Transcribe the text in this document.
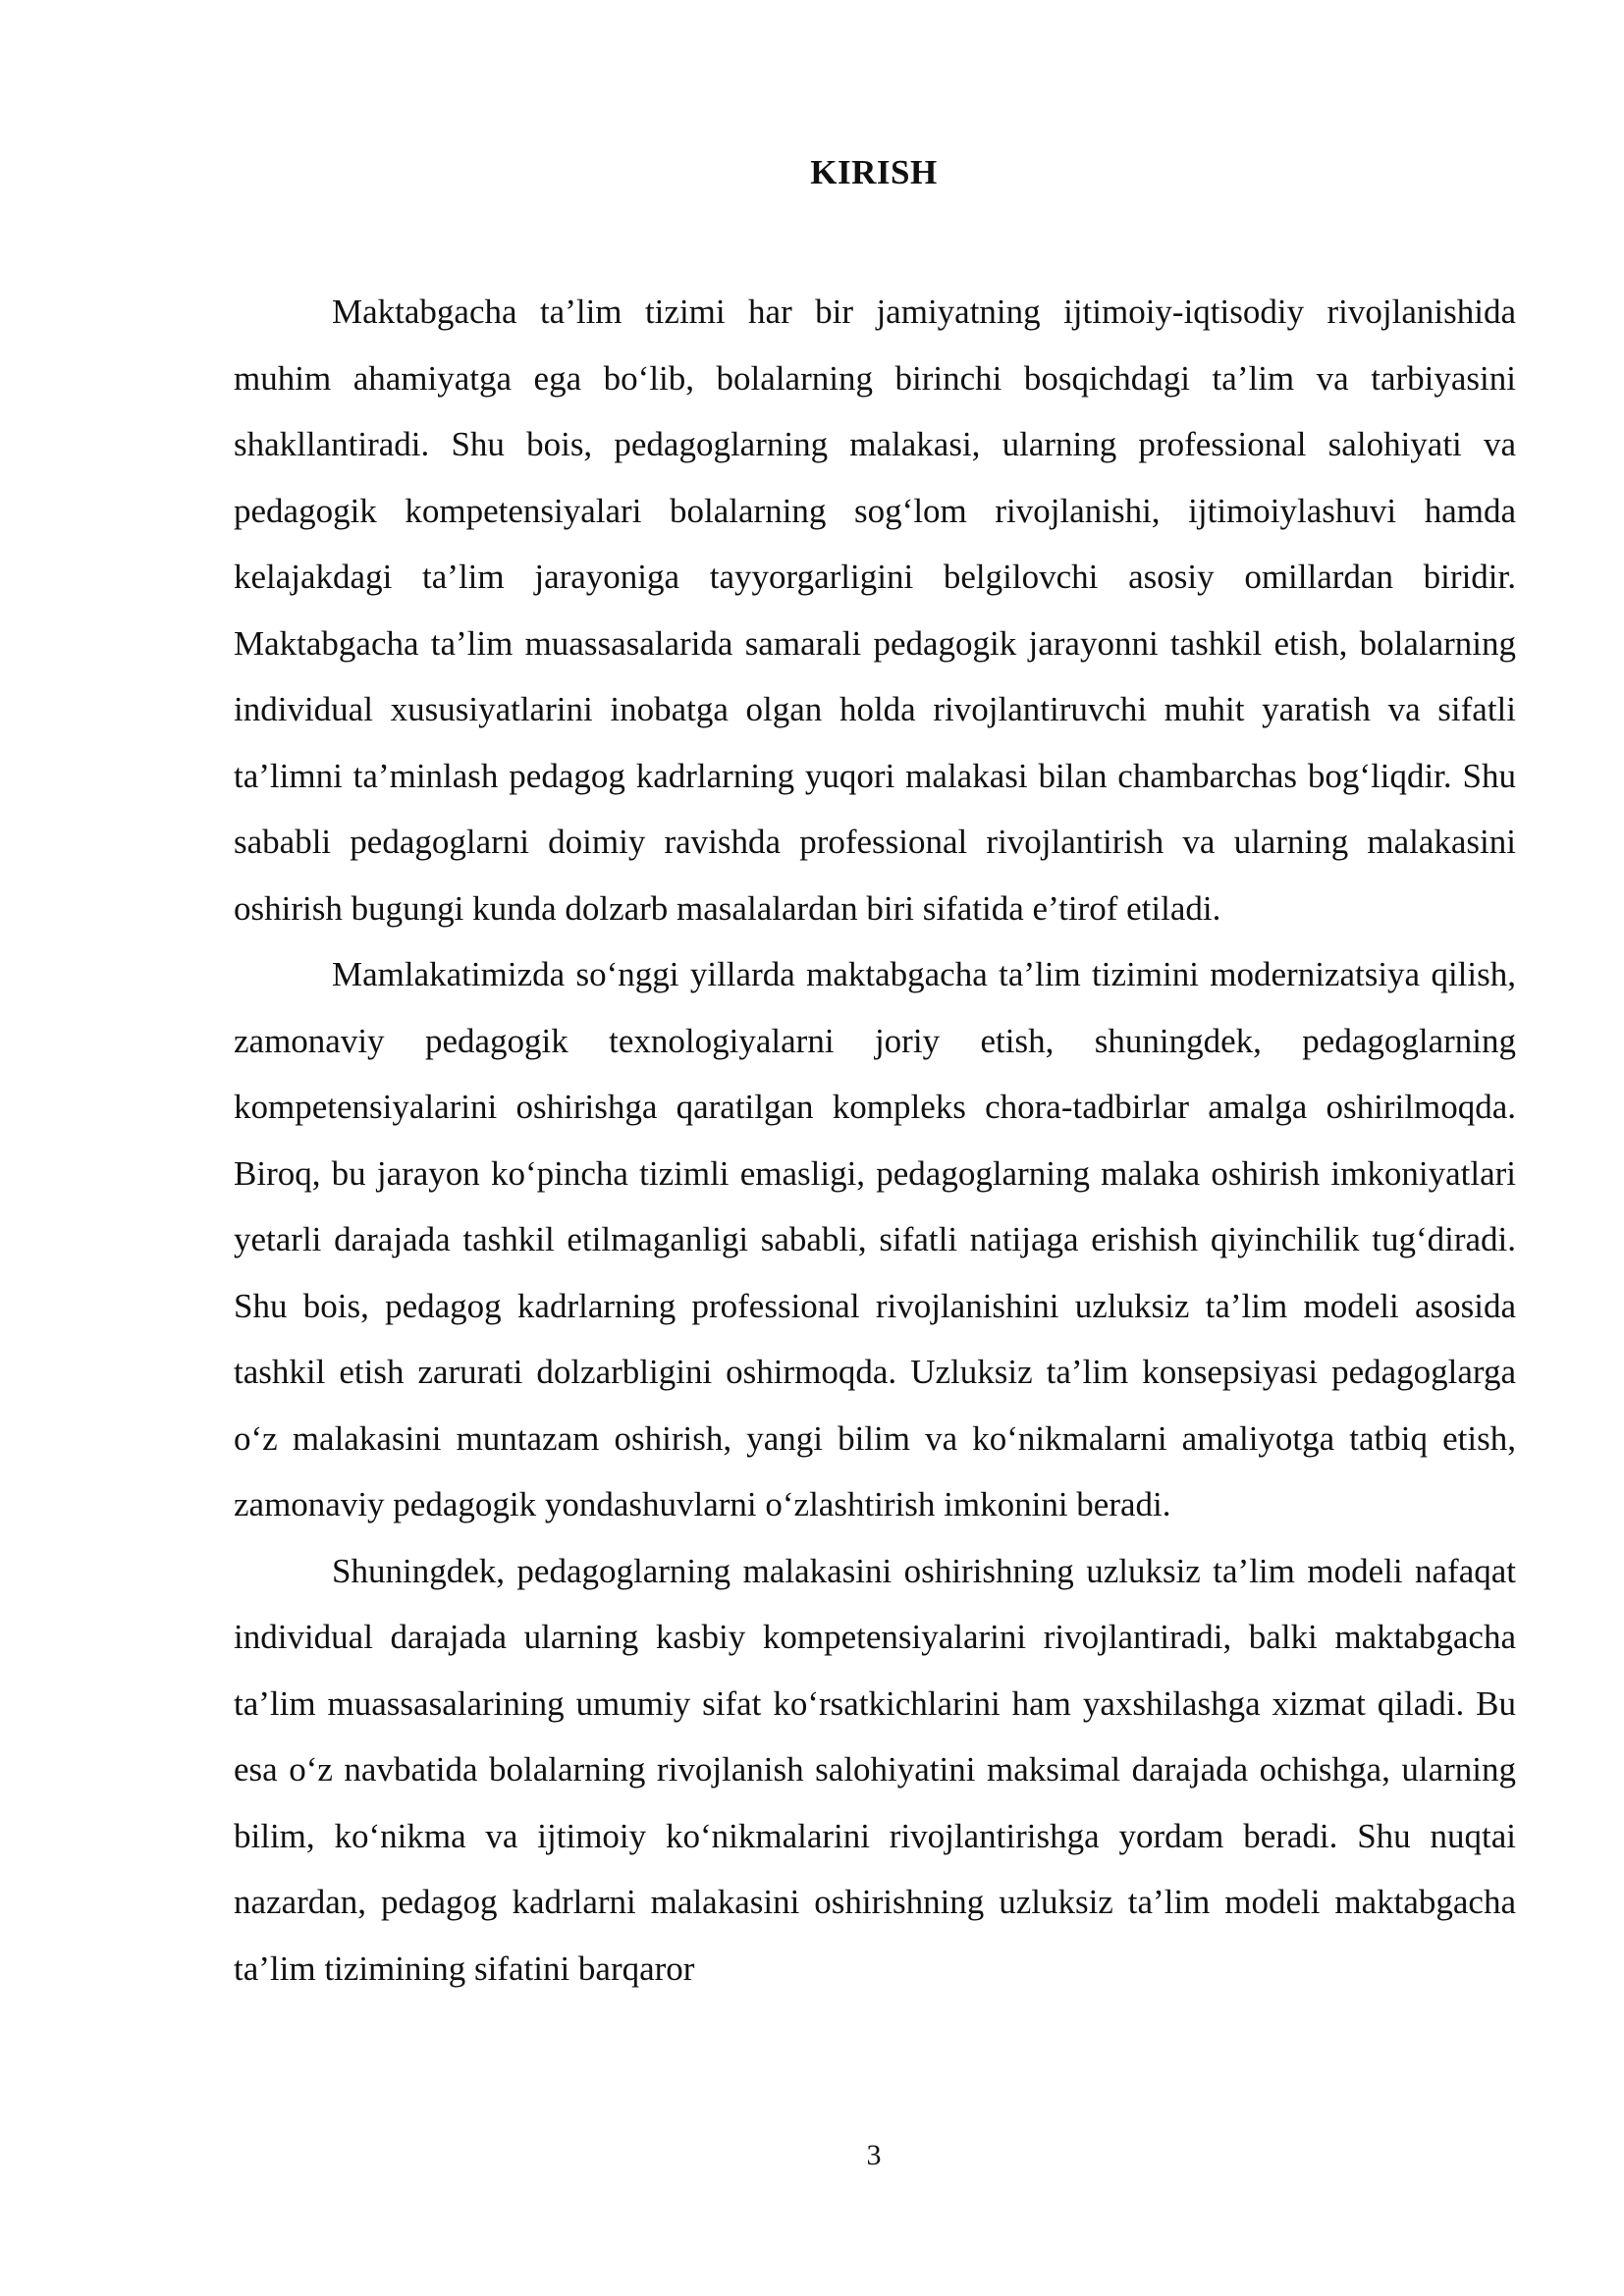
KIRISH

Maktabgacha ta’lim tizimi har bir jamiyatning ijtimoiy-iqtisodiy rivojlanishida muhim ahamiyatga ega bo‘lib, bolalarning birinchi bosqichdagi ta’lim va tarbiyasini shakllantiradi. Shu bois, pedagoglarning malakasi, ularning professional salohiyati va pedagogik kompetensiyalari bolalarning sog‘lom rivojlanishi, ijtimoiylashuvi hamda kelajakdagi ta’lim jarayoniga tayyorgarligini belgilovchi asosiy omillardan biridir. Maktabgacha ta’lim muassasalarida samarali pedagogik jarayonni tashkil etish, bolalarning individual xususiyatlarini inobatga olgan holda rivojlantiruvchi muhit yaratish va sifatli ta’limni ta’minlash pedagog kadrlarning yuqori malakasi bilan chambarchas bog‘liqdir. Shu sababli pedagoglarni doimiy ravishda professional rivojlantirish va ularning malakasini oshirish bugungi kunda dolzarb masalalardan biri sifatida e’tirof etiladi.

Mamlakatimizda so‘nggi yillarda maktabgacha ta’lim tizimini modernizatsiya qilish, zamonaviy pedagogik texnologiyalarni joriy etish, shuningdek, pedagoglarning kompetensiyalarini oshirishga qaratilgan kompleks chora-tadbirlar amalga oshirilmoqda. Biroq, bu jarayon ko‘pincha tizimli emasligi, pedagoglarning malaka oshirish imkoniyatlari yetarli darajada tashkil etilmaganligi sababli, sifatli natijaga erishish qiyinchilik tug‘diradi. Shu bois, pedagog kadrlarning professional rivojlanishini uzluksiz ta’lim modeli asosida tashkil etish zarurati dolzarbligini oshirmoqda. Uzluksiz ta’lim konsepsiyasi pedagoglarga o‘z malakasini muntazam oshirish, yangi bilim va ko‘nikmalarni amaliyotga tatbiq etish, zamonaviy pedagogik yondashuvlarni o‘zlashtirish imkonini beradi.

Shuningdek, pedagoglarning malakasini oshirishning uzluksiz ta’lim modeli nafaqat individual darajada ularning kasbiy kompetensiyalarini rivojlantiradi, balki maktabgacha ta’lim muassasalarining umumiy sifat ko‘rsatkichlarini ham yaxshilashga xizmat qiladi. Bu esa o‘z navbatida bolalarning rivojlanish salohiyatini maksimal darajada ochishga, ularning bilim, ko‘nikma va ijtimoiy ko‘nikmalarini rivojlantirishga yordam beradi. Shu nuqtai nazardan, pedagog kadrlarni malakasini oshirishning uzluksiz ta’lim modeli maktabgacha ta’lim tizimining sifatini barqaror

3
